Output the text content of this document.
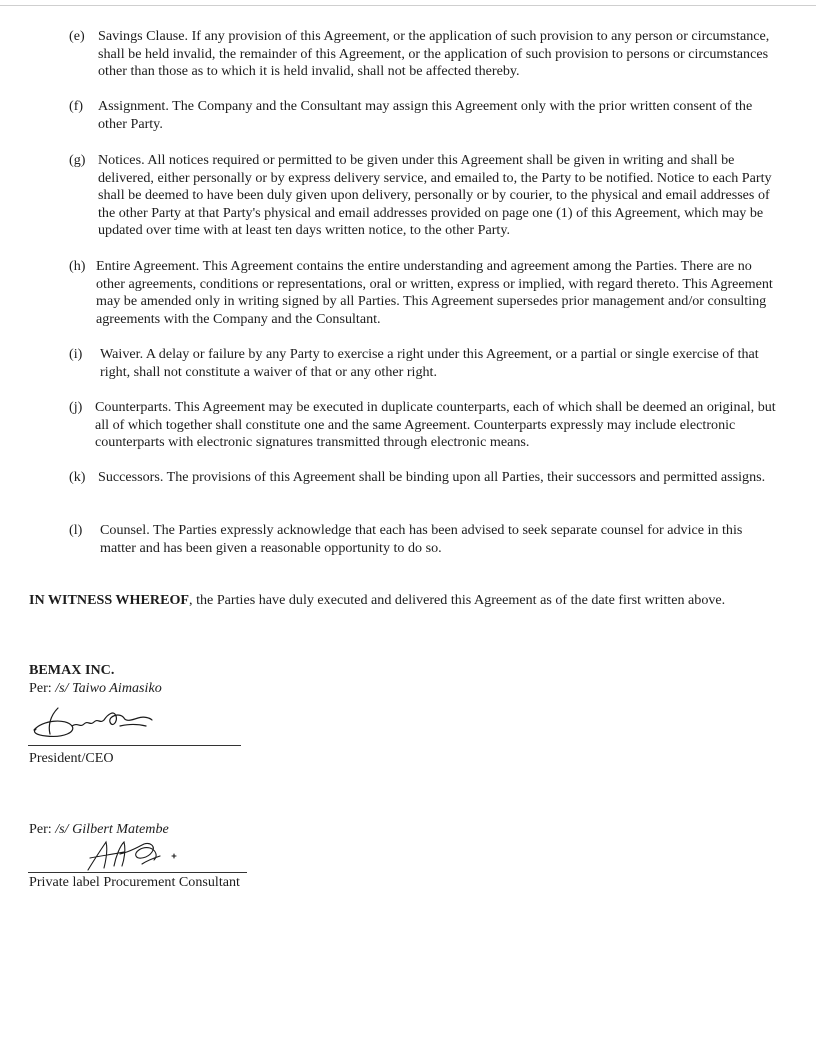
(e) Savings Clause. If any provision of this Agreement, or the application of such provision to any person or circumstance, shall be held invalid, the remainder of this Agreement, or the application of such provision to persons or circumstances other than those as to which it is held invalid, shall not be affected thereby.
(f)	Assignment. The Company and the Consultant may assign this Agreement only with the prior written consent of the other Party.
(g) Notices. All notices required or permitted to be given under this Agreement shall be given in writing and shall be delivered, either personally or by express delivery service, and emailed to, the Party to be notified. Notice to each Party shall be deemed to have been duly given upon delivery, personally or by courier, to the physical and email addresses of the other Party at that Party's physical and email addresses provided on page one (1) of this Agreement, which may be updated over time with at least ten days written notice, to the other Party.
(h) Entire Agreement. This Agreement contains the entire understanding and agreement among the Parties. There are no other agreements, conditions or representations, oral or written, express or implied, with regard thereto. This Agreement may be amended only in writing signed by all Parties. This Agreement supersedes prior management and/or consulting agreements with the Company and the Consultant.
(i)	Waiver. A delay or failure by any Party to exercise a right under this Agreement, or a partial or single exercise of that right, shall not constitute a waiver of that or any other right.
(j) Counterparts. This Agreement may be executed in duplicate counterparts, each of which shall be deemed an original, but all of which together shall constitute one and the same Agreement. Counterparts expressly may include electronic counterparts with electronic signatures transmitted through electronic means.
(k) Successors. The provisions of this Agreement shall be binding upon all Parties, their successors and permitted assigns.
(l)	Counsel. The Parties expressly acknowledge that each has been advised to seek separate counsel for advice in this matter and has been given a reasonable opportunity to do so.
IN WITNESS WHEREOF, the Parties have duly executed and delivered this Agreement as of the date first written above.
BEMAX INC.
Per: /s/ Taiwo Aimasiko
President/CEO
Per: /s/ Gilbert Matembe
Private label Procurement Consultant
